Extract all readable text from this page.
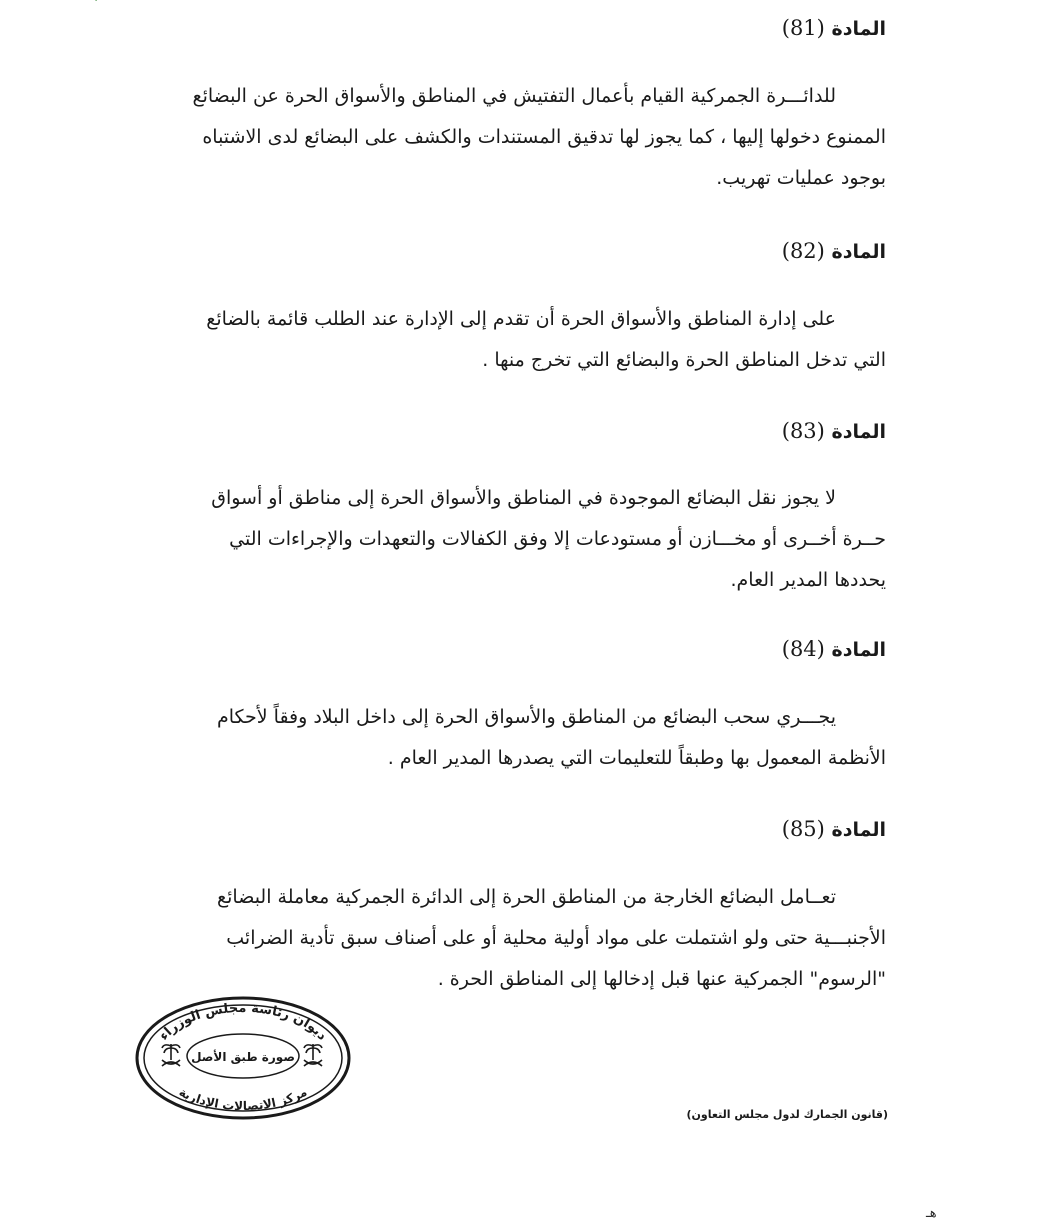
المادة (81)

للدائـــرة الجمركية القيام بأعمال التفتيش في المناطق والأسواق الحرة عن البضائع
الممنوع دخولها إليها ، كما يجوز لها تدقيق المستندات والكشف على البضائع لدى الاشتباه
بوجود عمليات تهريب.

المادة (82)

على إدارة المناطق والأسواق الحرة أن تقدم إلى الإدارة عند الطلب قائمة بالضائع
التي تدخل المناطق الحرة والبضائع التي تخرج منها .

المادة (83)

لا يجوز نقل البضائع الموجودة في المناطق والأسواق الحرة إلى مناطق أو أسواق
حــرة أخــرى أو مخـــازن أو مستودعات إلا وفق الكفالات والتعهدات والإجراءات التي
يحددها المدير العام.

المادة (84)

يجـــري سحب البضائع من المناطق والأسواق الحرة إلى داخل البلاد وفقاً لأحكام
الأنظمة المعمول بها وطبقاً للتعليمات التي يصدرها المدير العام .

المادة (85)

تعــامل البضائع الخارجة من المناطق الحرة إلى الدائرة الجمركية معاملة البضائع
الأجنبـــية حتى ولو اشتملت على مواد أولية محلية أو على أصناف سبق تأدية الضرائب
"الرسوم" الجمركية عنها قبل إدخالها إلى المناطق الحرة .

ديوان رئاسة مجلس الوزراء
صورة طبق الأصل
مركز الاتصالات الإدارية
(قانون الجمارك لدول مجلس التعاون)
هـ
